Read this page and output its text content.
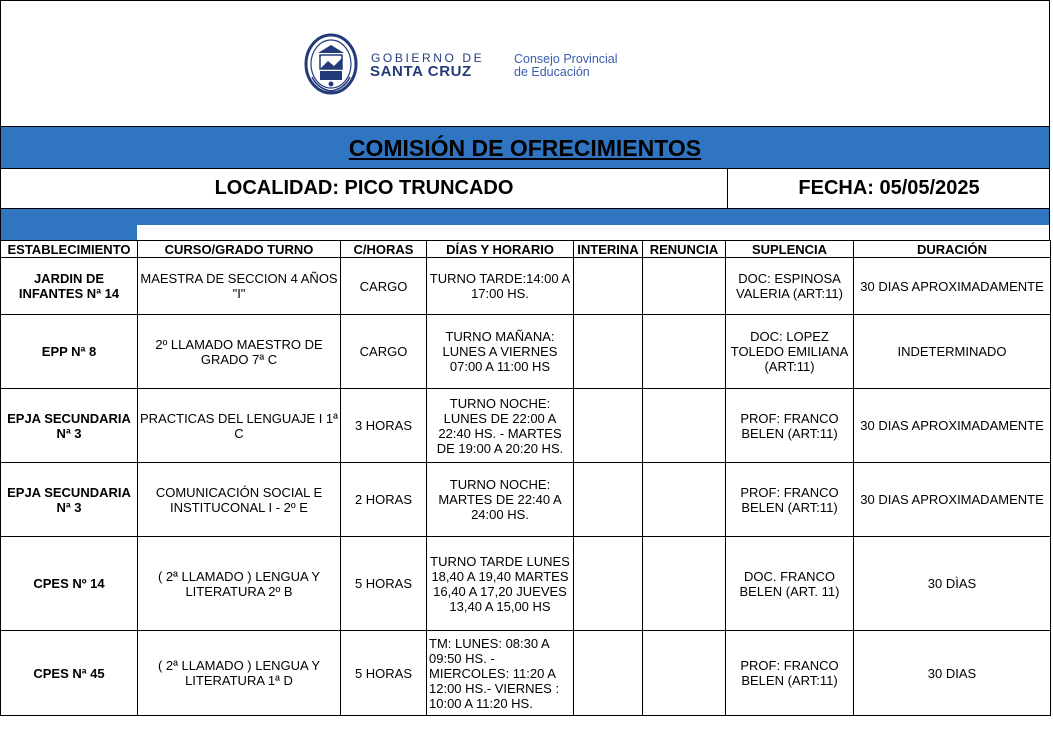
GOBIERNO DE
SANTA CRUZ
Consejo Provincial
de Educación
COMISIÓN DE OFRECIMIENTOS
LOCALIDAD: PICO TRUNCADO	FECHA: 05/05/2025
ESTABLECIMIENTO	CURSO/GRADO TURNO	C/HORAS	DÍAS Y HORARIO	INTERINA	RENUNCIA	SUPLENCIA	DURACIÓN
JARDIN DE INFANTES Nª 14	MAESTRA DE SECCION 4 AÑOS "I"	CARGO	TURNO TARDE:14:00 A 17:00 HS.			DOC: ESPINOSA VALERIA (ART:11)	30 DIAS APROXIMADAMENTE
EPP Nª 8	2º LLAMADO MAESTRO DE GRADO 7ª C	CARGO	TURNO MAÑANA: LUNES A VIERNES 07:00 A 11:00 HS			DOC: LOPEZ TOLEDO EMILIANA (ART:11)	INDETERMINADO
EPJA SECUNDARIA Nª 3	PRACTICAS DEL LENGUAJE I 1ª C	3 HORAS	TURNO NOCHE: LUNES DE 22:00 A 22:40 HS. - MARTES DE 19:00 A 20:20 HS.			PROF: FRANCO BELEN (ART:11)	30 DIAS APROXIMADAMENTE
EPJA SECUNDARIA Nª 3	COMUNICACIÓN SOCIAL E INSTITUCONAL I - 2º E	2 HORAS	TURNO NOCHE: MARTES DE 22:40 A 24:00 HS.			PROF: FRANCO BELEN (ART:11)	30 DIAS APROXIMADAMENTE
CPES Nº 14	( 2ª LLAMADO ) LENGUA Y LITERATURA 2º B	5 HORAS	TURNO TARDE LUNES 18,40 A 19,40 MARTES 16,40 A 17,20 JUEVES 13,40 A 15,00 HS			DOC. FRANCO BELEN (ART. 11)	30 DÌAS
CPES Nª 45	( 2ª LLAMADO ) LENGUA Y LITERATURA 1ª D	5 HORAS	TM: LUNES: 08:30 A 09:50 HS. - MIERCOLES: 11:20 A 12:00 HS.- VIERNES : 10:00 A 11:20 HS.			PROF: FRANCO BELEN (ART:11)	30 DIAS
